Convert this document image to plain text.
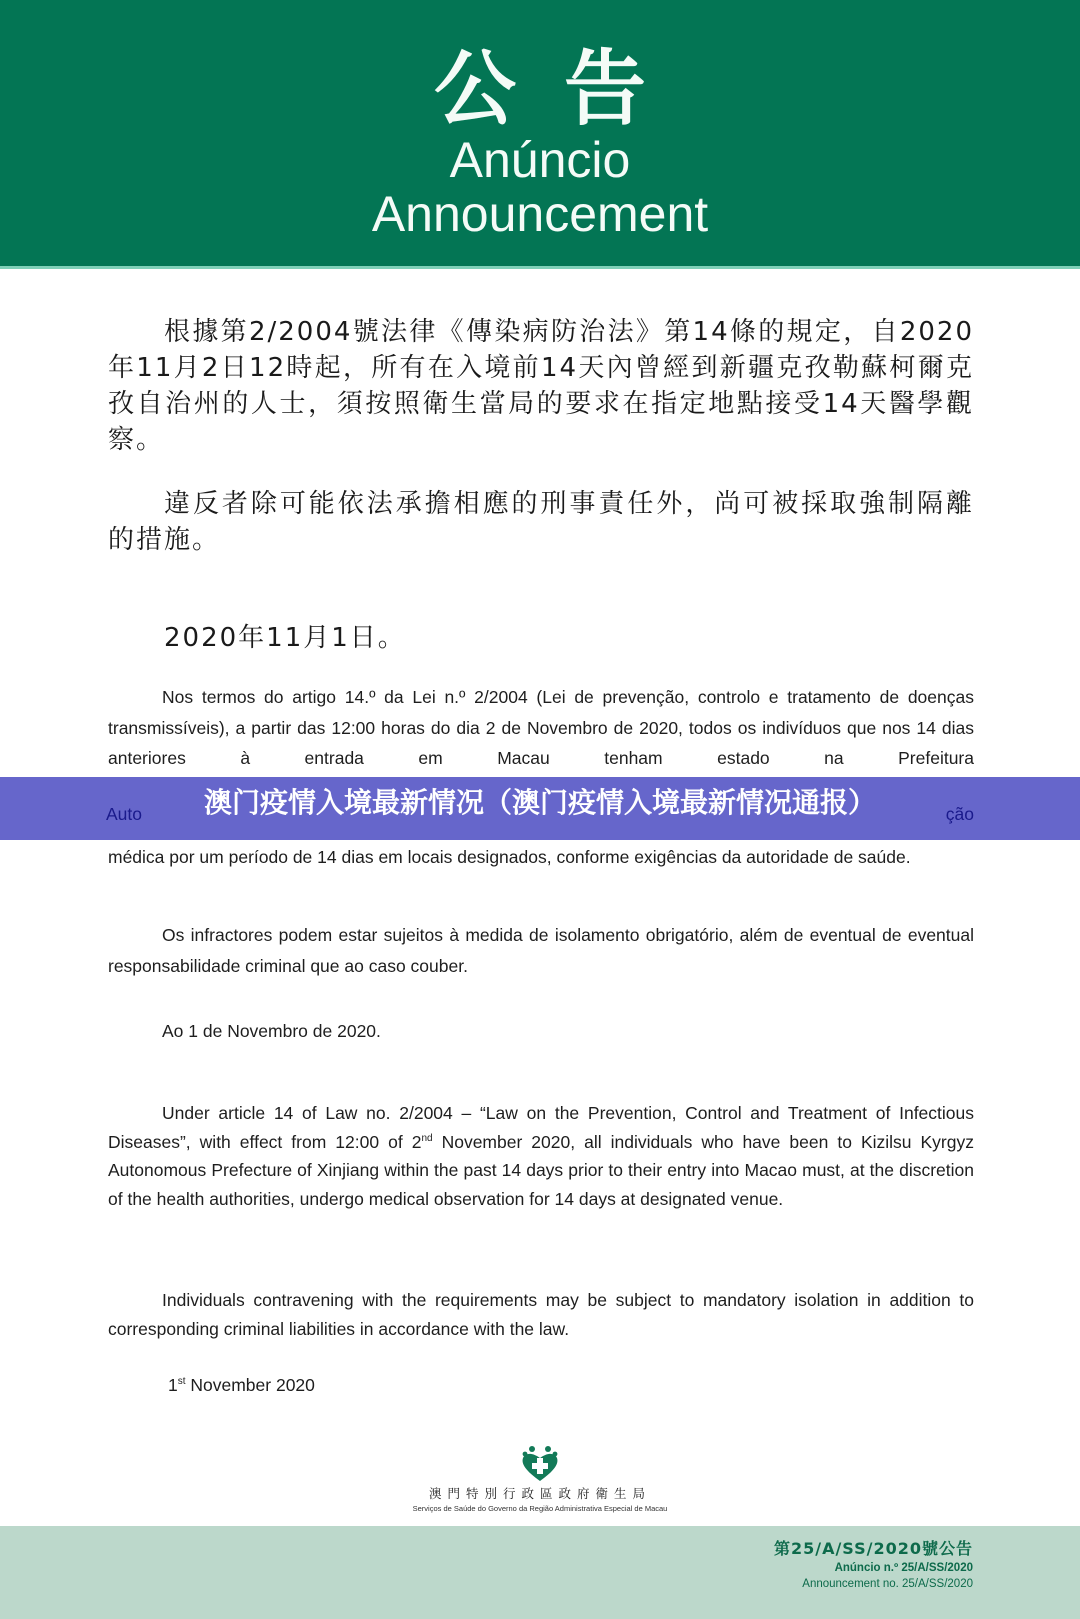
公告
Anúncio
Announcement
根據第2/2004號法律《傳染病防治法》第14條的規定，自2020年11月2日12時起，所有在入境前14天內曾經到新疆克孜勒蘇柯爾克孜自治州的人士，須按照衛生當局的要求在指定地點接受14天醫學觀察。
違反者除可能依法承擔相應的刑事責任外，尚可被採取強制隔離的措施。
2020年11月1日。
Nos termos do artigo 14.º da Lei n.º 2/2004 (Lei de prevenção, controlo e tratamento de doenças transmissíveis), a partir das 12:00 horas do dia 2 de Novembro de 2020, todos os indivíduos que nos 14 dias anteriores à entrada em Macau tenham estado na Prefeitura
澳门疫情入境最新情况（澳门疫情入境最新情况通报）
Auto	ção
médica por um período de 14 dias em locais designados, conforme exigências da autoridade de saúde.
Os infractores podem estar sujeitos à medida de isolamento obrigatório, além de eventual de eventual responsabilidade criminal que ao caso couber.
Ao 1 de Novembro de 2020.
Under article 14 of Law no. 2/2004 – “Law on the Prevention, Control and Treatment of Infectious Diseases”, with effect from 12:00 of 2nd November 2020, all individuals who have been to Kizilsu Kyrgyz Autonomous Prefecture of Xinjiang within the past 14 days prior to their entry into Macao must, at the discretion of the health authorities, undergo medical observation for 14 days at designated venue.
Individuals contravening with the requirements may be subject to mandatory isolation in addition to corresponding criminal liabilities in accordance with the law.
1st November 2020
澳門特別行政區政府衛生局
Serviços de Saúde do Governo da Região Administrativa Especial de Macau
第25/A/SS/2020號公告
Anúncio n.º 25/A/SS/2020
Announcement no. 25/A/SS/2020
